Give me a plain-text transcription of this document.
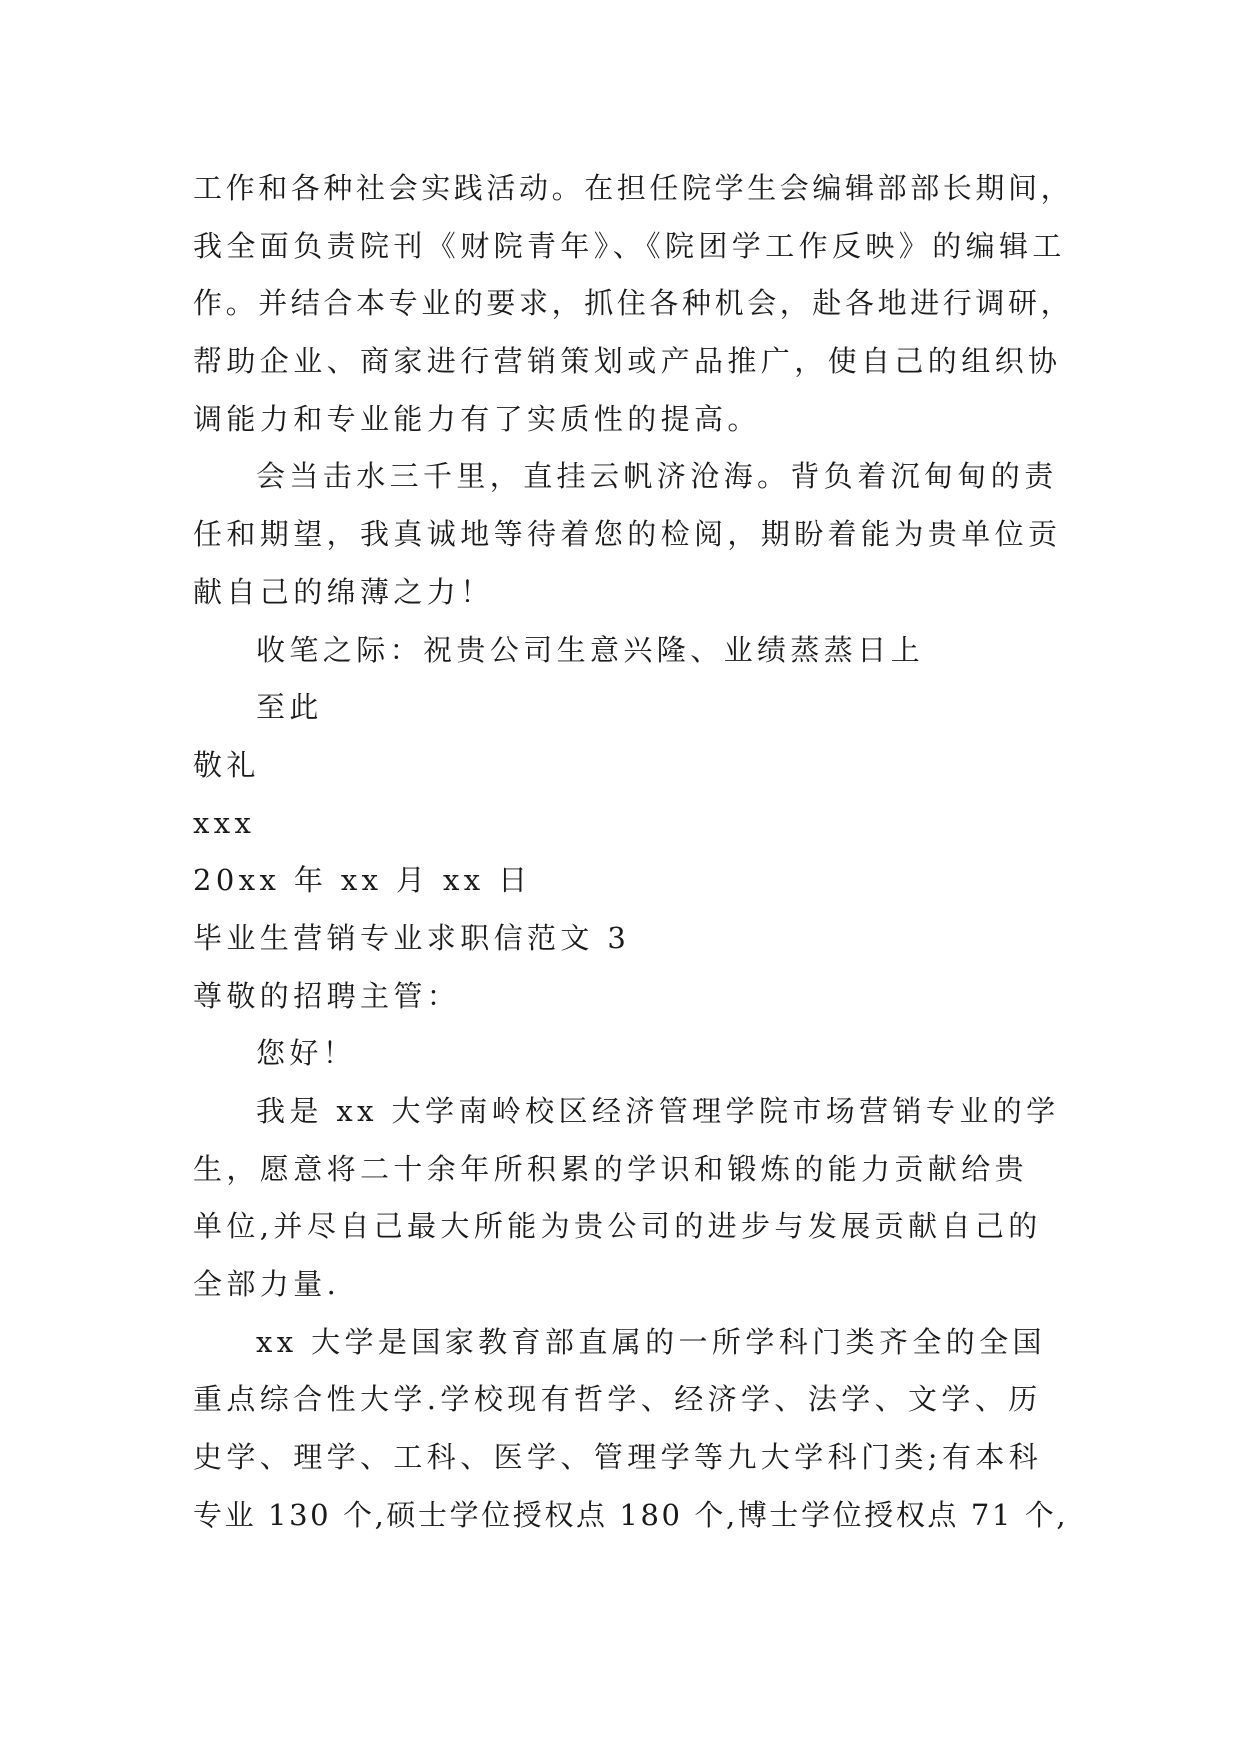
工作和各种社会实践活动。在担任院学生会编辑部部长期间，
我全面负责院刊《财院青年》、《院团学工作反映》的编辑工
作。并结合本专业的要求，抓住各种机会，赴各地进行调研，
帮助企业、商家进行营销策划或产品推广，使自己的组织协
调能力和专业能力有了实质性的提高。
会当击水三千里，直挂云帆济沧海。背负着沉甸甸的责
任和期望，我真诚地等待着您的检阅，期盼着能为贵单位贡
献自己的绵薄之力！
收笔之际：祝贵公司生意兴隆、业绩蒸蒸日上
至此
敬礼
xxx
20xx 年 xx 月 xx 日
毕业生营销专业求职信范文 3
尊敬的招聘主管：
您好！
我是 xx 大学南岭校区经济管理学院市场营销专业的学
生，愿意将二十余年所积累的学识和锻炼的能力贡献给贵
单位,并尽自己最大所能为贵公司的进步与发展贡献自己的
全部力量.
xx 大学是国家教育部直属的一所学科门类齐全的全国
重点综合性大学.学校现有哲学、经济学、法学、文学、历
史学、理学、工科、医学、管理学等九大学科门类;有本科
专业 130 个,硕士学位授权点 180 个,博士学位授权点 71 个,
